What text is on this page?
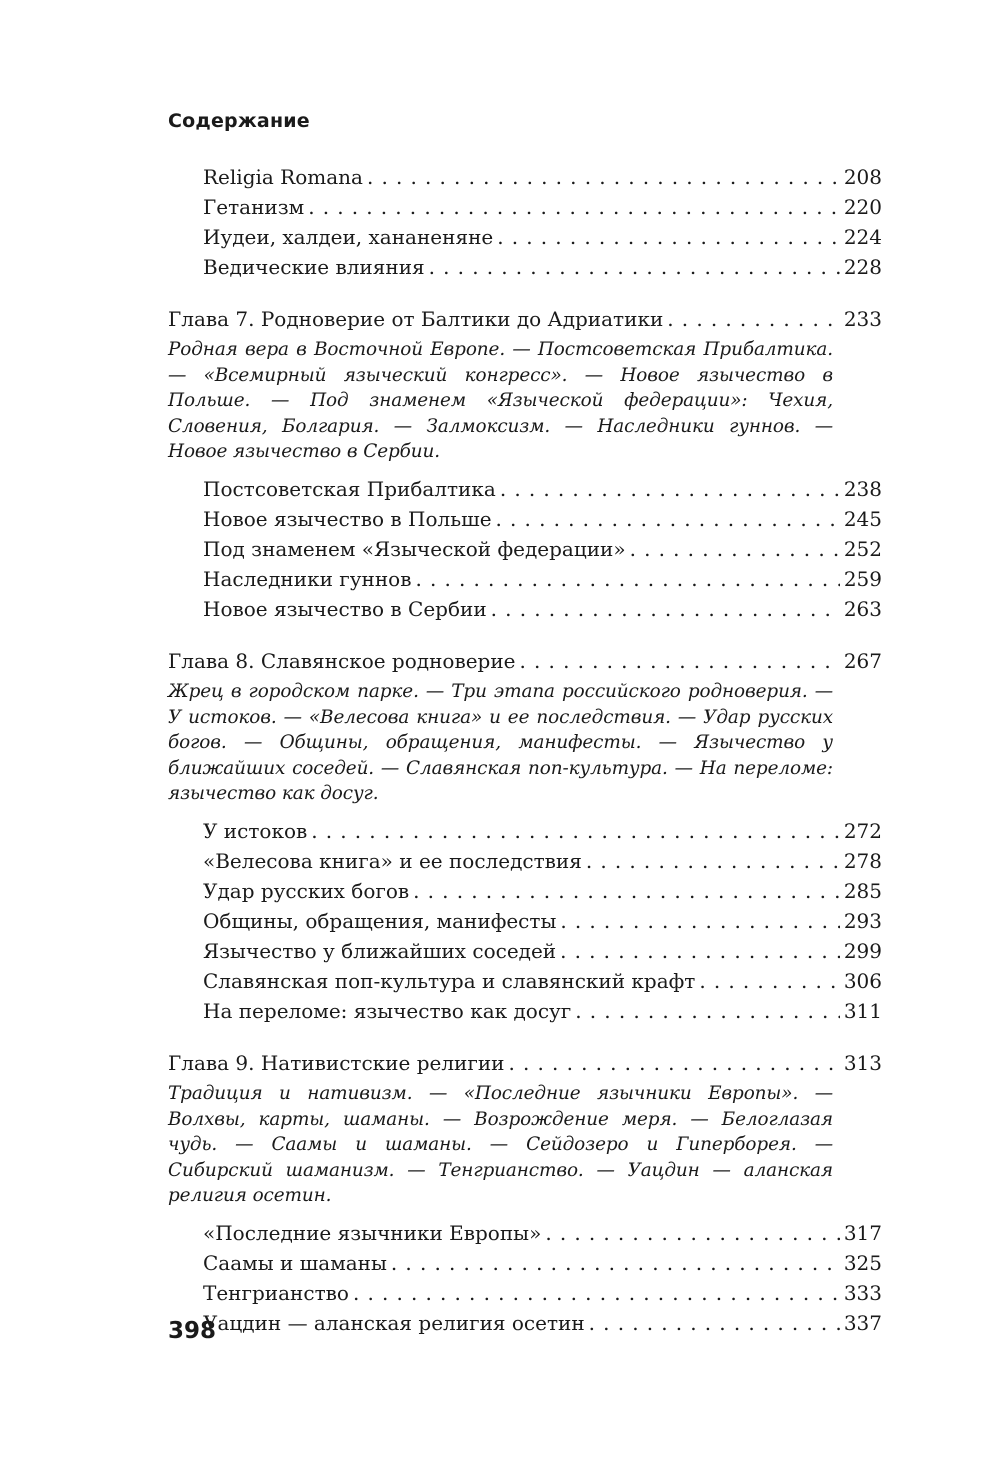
Содержание
Religia Romana . . .	208
Гетанизм . . .	220
Иудеи, халдеи, хананеняне . . .	224
Ведические влияния . . .	228
Глава 7. Родноверие от Балтики до Адриатики . . .	233
Родная вера в Восточной Европе. — Постсоветская Прибалтика. — «Всемирный языческий конгресс». — Новое язычество в Польше. — Под знаменем «Языческой федерации»: Чехия, Словения, Болгария. — Залмоксизм. — Наследники гуннов. — Новое язычество в Сербии.
Постсоветская Прибалтика . . .	238
Новое язычество в Польше . . .	245
Под знаменем «Языческой федерации» . . .	252
Наследники гуннов . . .	259
Новое язычество в Сербии . . .	263
Глава 8. Славянское родноверие . . .	267
Жрец в городском парке. — Три этапа российского родноверия. — У истоков. — «Велесова книга» и ее последствия. — Удар русских богов. — Общины, обращения, манифесты. — Язычество у ближайших соседей. — Славянская поп-культура. — На переломе: язычество как досуг.
У истоков . . .	272
«Велесова книга» и ее последствия . . .	278
Удар русских богов . . .	285
Общины, обращения, манифесты . . .	293
Язычество у ближайших соседей . . .	299
Славянская поп-культура и славянский крафт . . .	306
На переломе: язычество как досуг . . .	311
Глава 9. Нативистские религии . . .	313
Традиция и нативизм. — «Последние язычники Европы». — Волхвы, карты, шаманы. — Возрождение меря. — Белоглазая чудь. — Саамы и шаманы. — Сейдозеро и Гиперборея. — Сибирский шаманизм. — Тенгрианство. — Уацдин — аланская религия осетин.
«Последние язычники Европы» . . .	317
Саамы и шаманы . . .	325
Тенгрианство . . .	333
Уацдин — аланская религия осетин . . .	337
398
